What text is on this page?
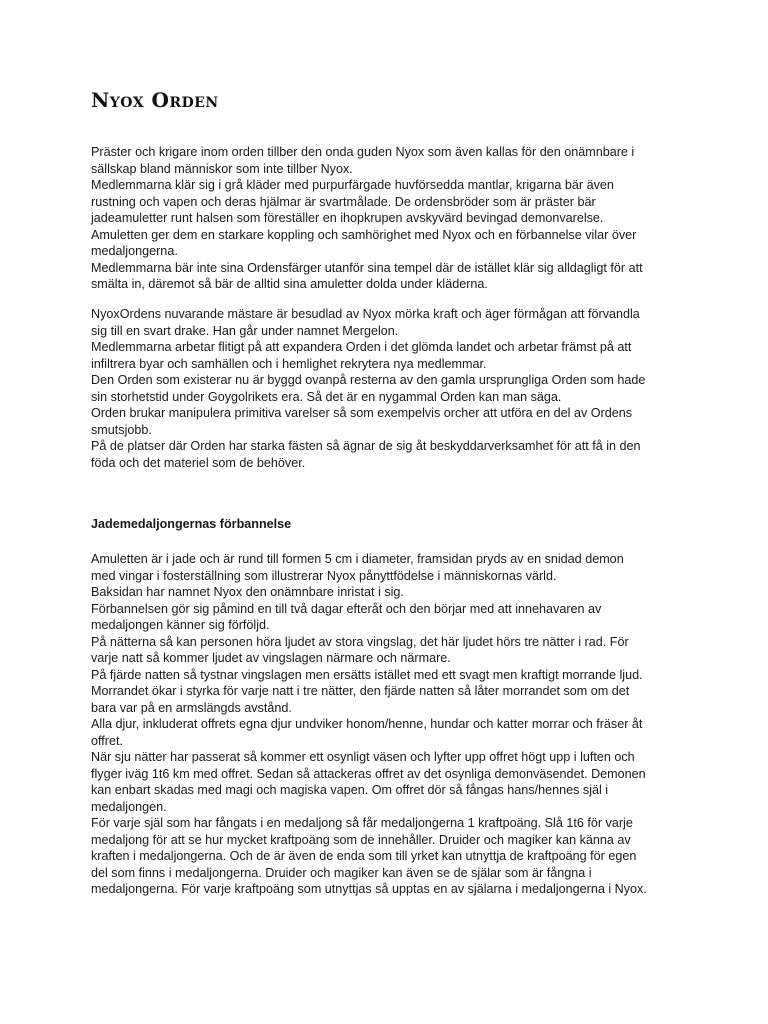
Nyox Orden
Präster och krigare inom orden tillber den onda guden Nyox som även kallas för den onämnbare i
sällskap bland människor som inte tillber Nyox.
Medlemmarna klär sig i grå kläder med purpurfärgade huvförsedda mantlar, krigarna bär även
rustning och vapen och deras hjälmar är svartmålade. De ordensbröder som är präster bär
jadeamuletter runt halsen som föreställer en ihopkrupen avskyvärd bevingad demonvarelse.
Amuletten ger dem en starkare koppling och samhörighet med Nyox och en förbannelse vilar över
medaljongerna.
Medlemmarna bär inte sina Ordensfärger utanför sina tempel där de istället klär sig alldagligt för att
smälta in, däremot så bär de alltid sina amuletter dolda under kläderna.
NyoxOrdens nuvarande mästare är besudlad av Nyox mörka kraft och äger förmågan att förvandla
sig till en svart drake. Han går under namnet Mergelon.
Medlemmarna arbetar flitigt på att expandera Orden i det glömda landet och arbetar främst på att
infiltrera byar och samhällen och i hemlighet rekrytera nya medlemmar.
Den Orden som existerar nu är byggd ovanpå resterna av den gamla ursprungliga Orden som hade
sin storhetstid under Goygolrikets era. Så det är en nygammal Orden kan man säga.
Orden brukar manipulera primitiva varelser så som exempelvis orcher att utföra en del av Ordens
smutsjobb.
På de platser där Orden har starka fästen så ägnar de sig åt beskyddarverksamhet för att få in den
föda och det materiel som de behöver.
Jademedaljongernas förbannelse
Amuletten är i jade och är rund till formen 5 cm i diameter, framsidan pryds av en snidad demon
med vingar i fosterställning som illustrerar Nyox pånyttfödelse i människornas värld.
Baksidan har namnet Nyox den onämnbare inristat i sig.
Förbannelsen gör sig påmind en till två dagar efteråt och den börjar med att innehavaren av
medaljongen känner sig förföljd.
På nätterna så kan personen höra ljudet av stora vingslag, det här ljudet hörs tre nätter i rad. För
varje natt så kommer ljudet av vingslagen närmare och närmare.
På fjärde natten så tystnar vingslagen men ersätts istället med ett svagt men kraftigt morrande ljud.
Morrandet ökar i styrka för varje natt i tre nätter, den fjärde natten så låter morrandet som om det
bara var på en armslängds avstånd.
Alla djur, inkluderat offrets egna djur undviker honom/henne, hundar och katter morrar och fräser åt
offret.
När sju nätter har passerat så kommer ett osynligt väsen och lyfter upp offret högt upp i luften och
flyger iväg 1t6 km med offret. Sedan så attackeras offret av det osynliga demonväsendet. Demonen
kan enbart skadas med magi och magiska vapen. Om offret dör så fångas hans/hennes själ i
medaljongen.
För varje själ som har fångats i en medaljong så får medaljongerna 1 kraftpoäng. Slå 1t6 för varje
medaljong för att se hur mycket kraftpoäng som de innehåller. Druider och magiker kan känna av
kraften i medaljongerna. Och de är även de enda som till yrket kan utnyttja de kraftpoäng för egen
del som finns i medaljongerna. Druider och magiker kan även se de själar som är fångna i
medaljongerna. För varje kraftpoäng som utnyttjas så upptas en av själarna i medaljongerna i Nyox.
